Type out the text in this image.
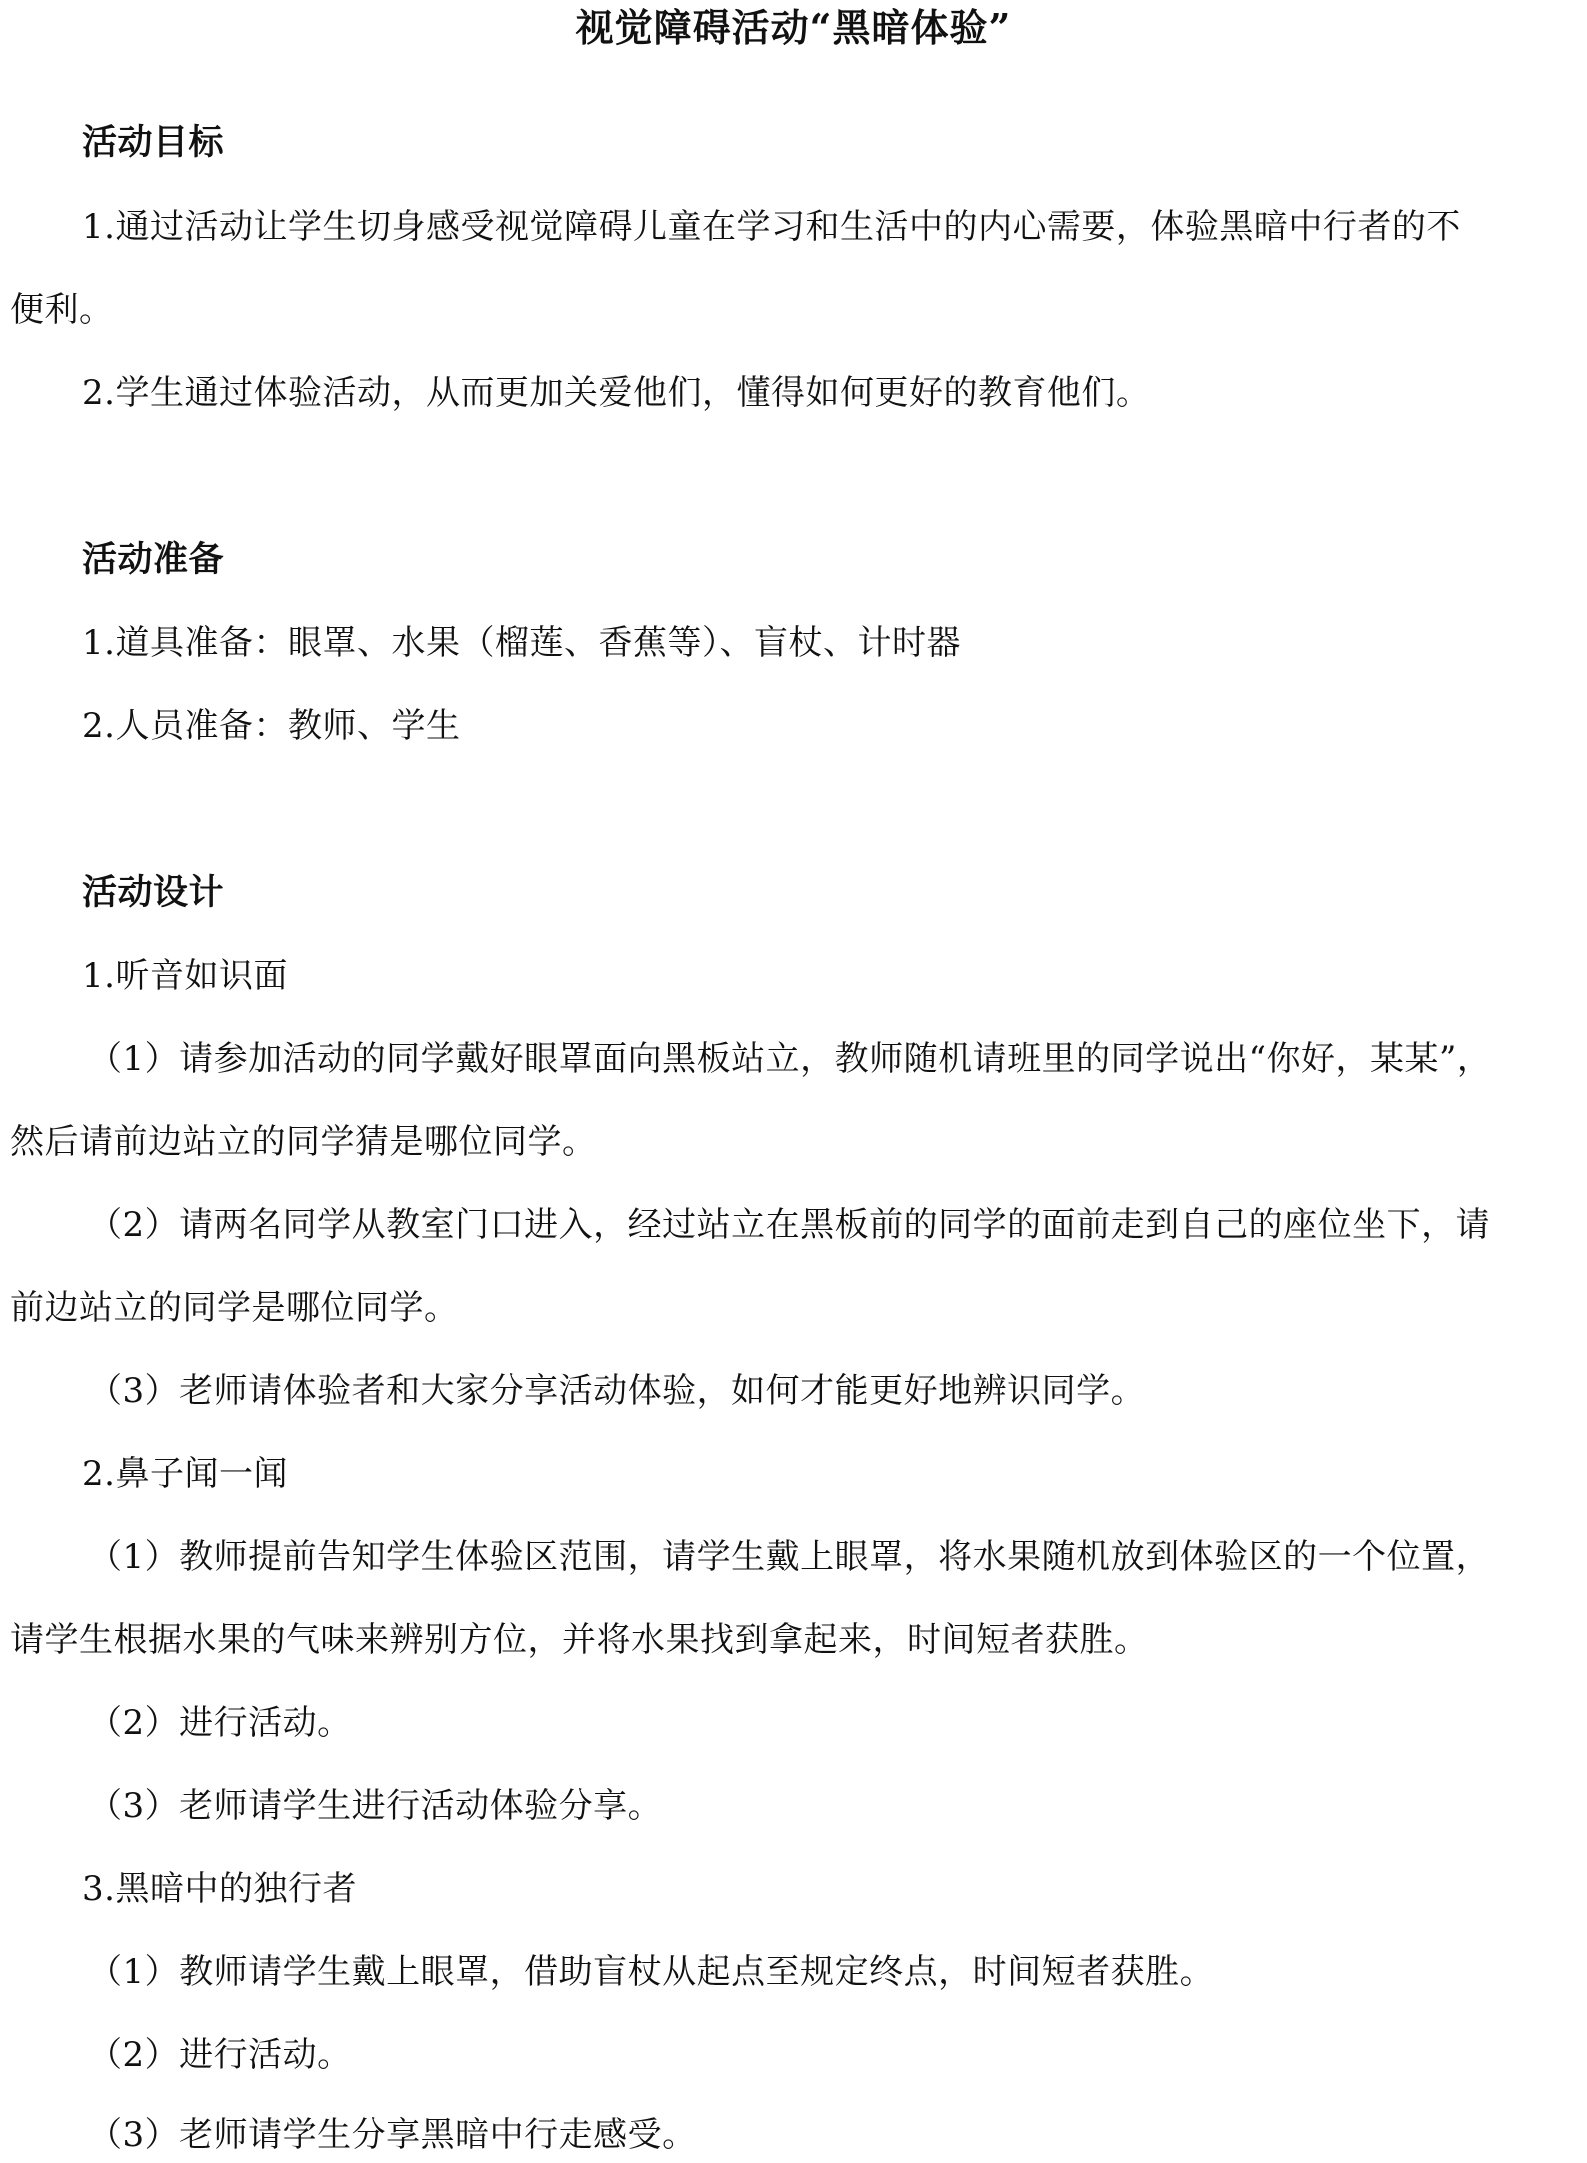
视觉障碍活动“黑暗体验”
活动目标
1.通过活动让学生切身感受视觉障碍儿童在学习和生活中的内心需要，体验黑暗中行者的不
便利。
2.学生通过体验活动，从而更加关爱他们，懂得如何更好的教育他们。
活动准备
1.道具准备：眼罩、水果（榴莲、香蕉等）、盲杖、计时器
2.人员准备：教师、学生
活动设计
1.听音如识面
（1）请参加活动的同学戴好眼罩面向黑板站立，教师随机请班里的同学说出“你好，某某”，
然后请前边站立的同学猜是哪位同学。
（2）请两名同学从教室门口进入，经过站立在黑板前的同学的面前走到自己的座位坐下，请
前边站立的同学是哪位同学。
（3）老师请体验者和大家分享活动体验，如何才能更好地辨识同学。
2.鼻子闻一闻
（1）教师提前告知学生体验区范围，请学生戴上眼罩，将水果随机放到体验区的一个位置，
请学生根据水果的气味来辨别方位，并将水果找到拿起来，时间短者获胜。
（2）进行活动。
（3）老师请学生进行活动体验分享。
3.黑暗中的独行者
（1）教师请学生戴上眼罩，借助盲杖从起点至规定终点，时间短者获胜。
（2）进行活动。
（3）老师请学生分享黑暗中行走感受。
